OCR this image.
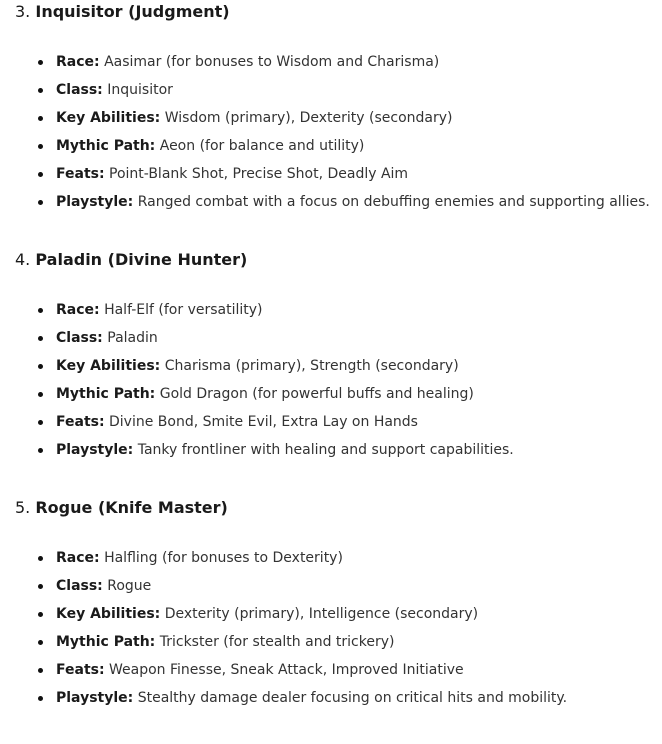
3. Inquisitor (Judgment)
Race: Aasimar (for bonuses to Wisdom and Charisma)
Class: Inquisitor
Key Abilities: Wisdom (primary), Dexterity (secondary)
Mythic Path: Aeon (for balance and utility)
Feats: Point-Blank Shot, Precise Shot, Deadly Aim
Playstyle: Ranged combat with a focus on debuffing enemies and supporting allies.
4. Paladin (Divine Hunter)
Race: Half-Elf (for versatility)
Class: Paladin
Key Abilities: Charisma (primary), Strength (secondary)
Mythic Path: Gold Dragon (for powerful buffs and healing)
Feats: Divine Bond, Smite Evil, Extra Lay on Hands
Playstyle: Tanky frontliner with healing and support capabilities.
5. Rogue (Knife Master)
Race: Halfling (for bonuses to Dexterity)
Class: Rogue
Key Abilities: Dexterity (primary), Intelligence (secondary)
Mythic Path: Trickster (for stealth and trickery)
Feats: Weapon Finesse, Sneak Attack, Improved Initiative
Playstyle: Stealthy damage dealer focusing on critical hits and mobility.
